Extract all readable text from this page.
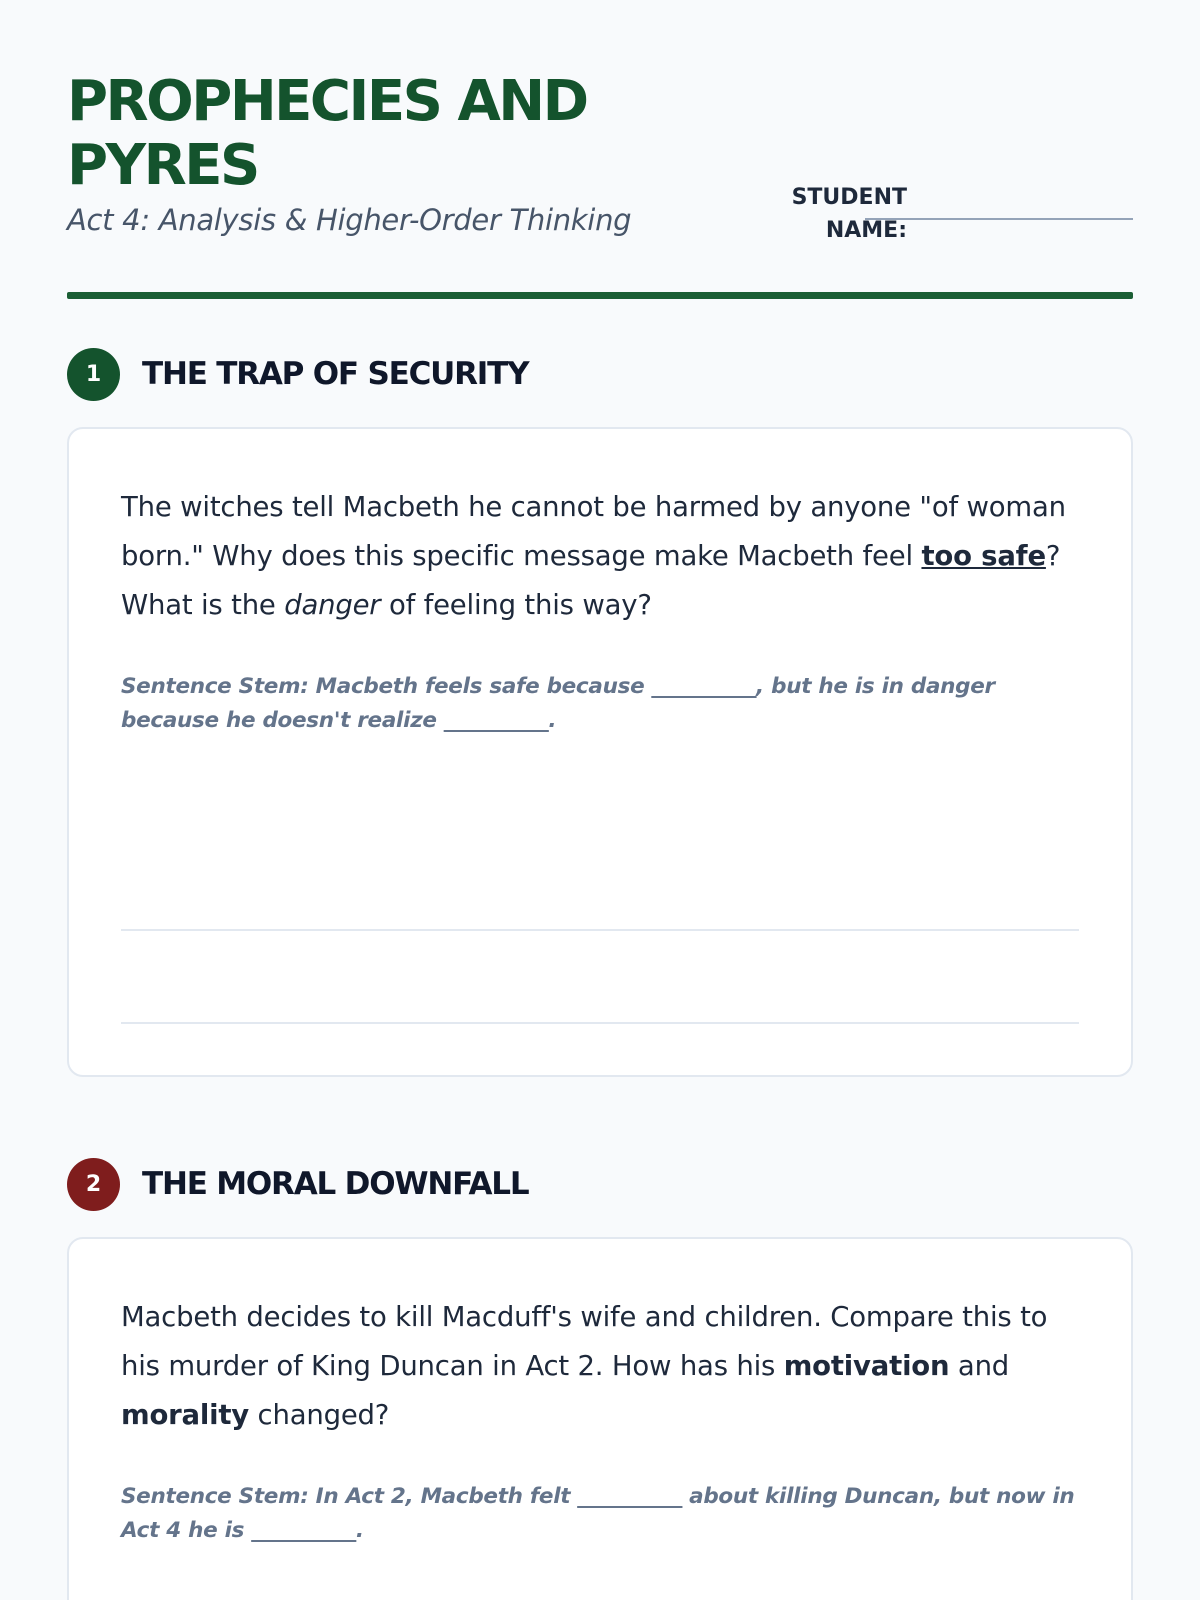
PROPHECIES AND PYRES
Act 4: Analysis & Higher-Order Thinking
STUDENT
NAME:
1	THE TRAP OF SECURITY

The witches tell Macbeth he cannot be harmed by anyone "of woman born." Why does this specific message make Macbeth feel too safe? What is the danger of feeling this way?

Sentence Stem: Macbeth feels safe because __________, but he is in danger because he doesn't realize __________.

2	THE MORAL DOWNFALL

Macbeth decides to kill Macduff's wife and children. Compare this to his murder of King Duncan in Act 2. How has his motivation and morality changed?

Sentence Stem: In Act 2, Macbeth felt __________ about killing Duncan, but now in Act 4 he is __________.
